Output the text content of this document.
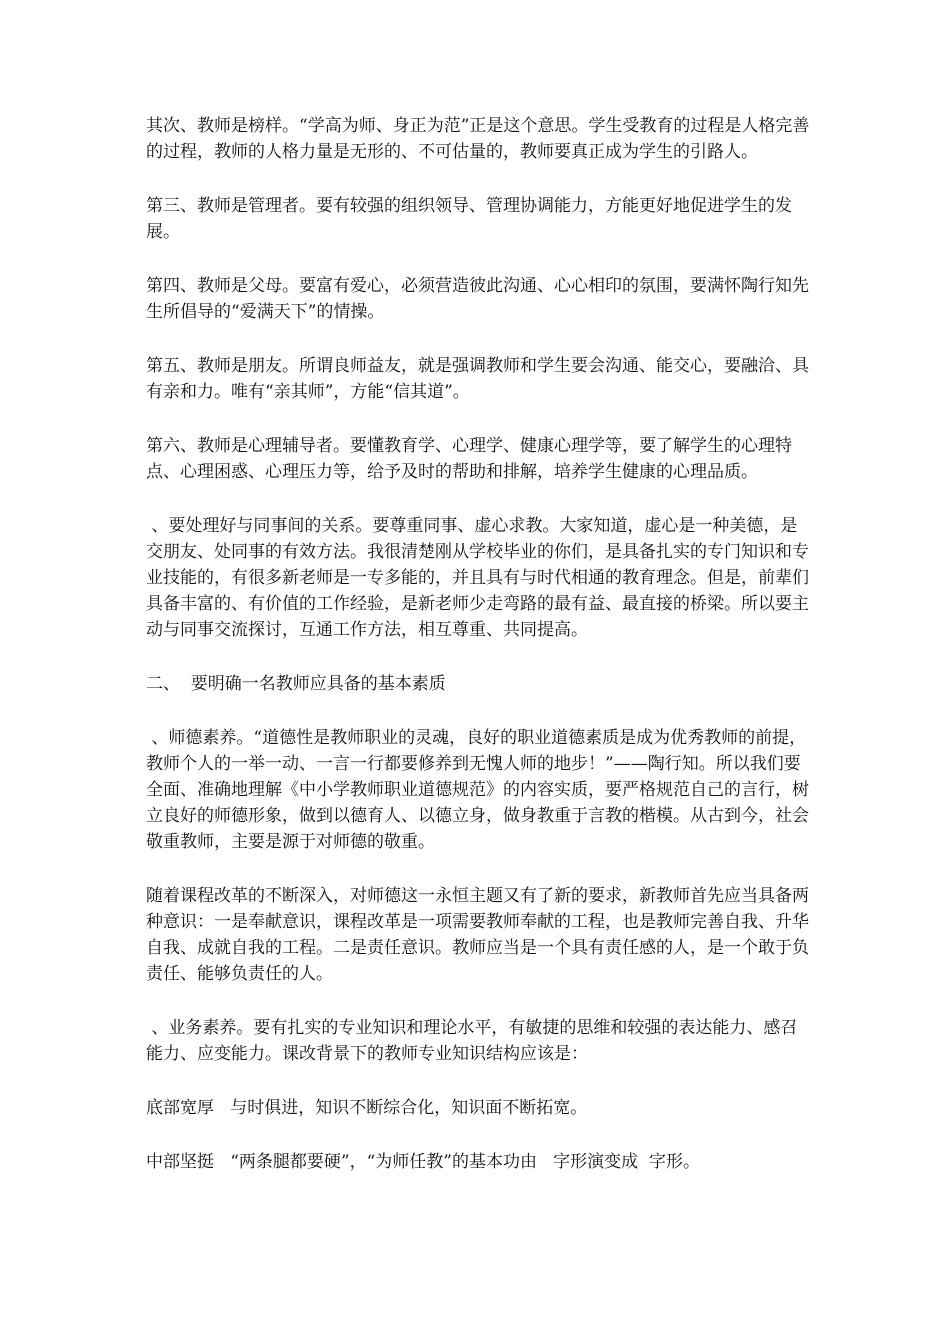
其次、教师是榜样。“学高为师、身正为范”正是这个意思。学生受教育的过程是人格完善的过程，教师的人格力量是无形的、不可估量的，教师要真正成为学生的引路人。

第三、教师是管理者。要有较强的组织领导、管理协调能力，方能更好地促进学生的发展。

第四、教师是父母。要富有爱心，必须营造彼此沟通、心心相印的氛围，要满怀陶行知先生所倡导的“爱满天下”的情操。

第五、教师是朋友。所谓良师益友，就是强调教师和学生要会沟通、能交心，要融洽、具有亲和力。唯有“亲其师”，方能“信其道”。

第六、教师是心理辅导者。要懂教育学、心理学、健康心理学等，要了解学生的心理特点、心理困惑、心理压力等，给予及时的帮助和排解，培养学生健康的心理品质。

、要处理好与同事间的关系。要尊重同事、虚心求教。大家知道，虚心是一种美德，是交朋友、处同事的有效方法。我很清楚刚从学校毕业的你们，是具备扎实的专门知识和专业技能的，有很多新老师是一专多能的，并且具有与时代相通的教育理念。但是，前辈们具备丰富的、有价值的工作经验，是新老师少走弯路的最有益、最直接的桥梁。所以要主动与同事交流探讨，互通工作方法，相互尊重、共同提高。

二、  要明确一名教师应具备的基本素质

、师德素养。“道德性是教师职业的灵魂，良好的职业道德素质是成为优秀教师的前提，教师个人的一举一动、一言一行都要修养到无愧人师的地步！”——陶行知。所以我们要全面、准确地理解《中小学教师职业道德规范》的内容实质，要严格规范自己的言行，树立良好的师德形象，做到以德育人、以德立身，做身教重于言教的楷模。从古到今，社会敬重教师，主要是源于对师德的敬重。

随着课程改革的不断深入，对师德这一永恒主题又有了新的要求，新教师首先应当具备两种意识：一是奉献意识，课程改革是一项需要教师奉献的工程，也是教师完善自我、升华自我、成就自我的工程。二是责任意识。教师应当是一个具有责任感的人，是一个敢于负责任、能够负责任的人。

、业务素养。要有扎实的专业知识和理论水平，有敏捷的思维和较强的表达能力、感召能力、应变能力。课改背景下的教师专业知识结构应该是：

底部宽厚   与时俱进，知识不断综合化，知识面不断拓宽。

中部坚挺   “两条腿都要硬”，“为师任教”的基本功由   字形演变成  字形。
